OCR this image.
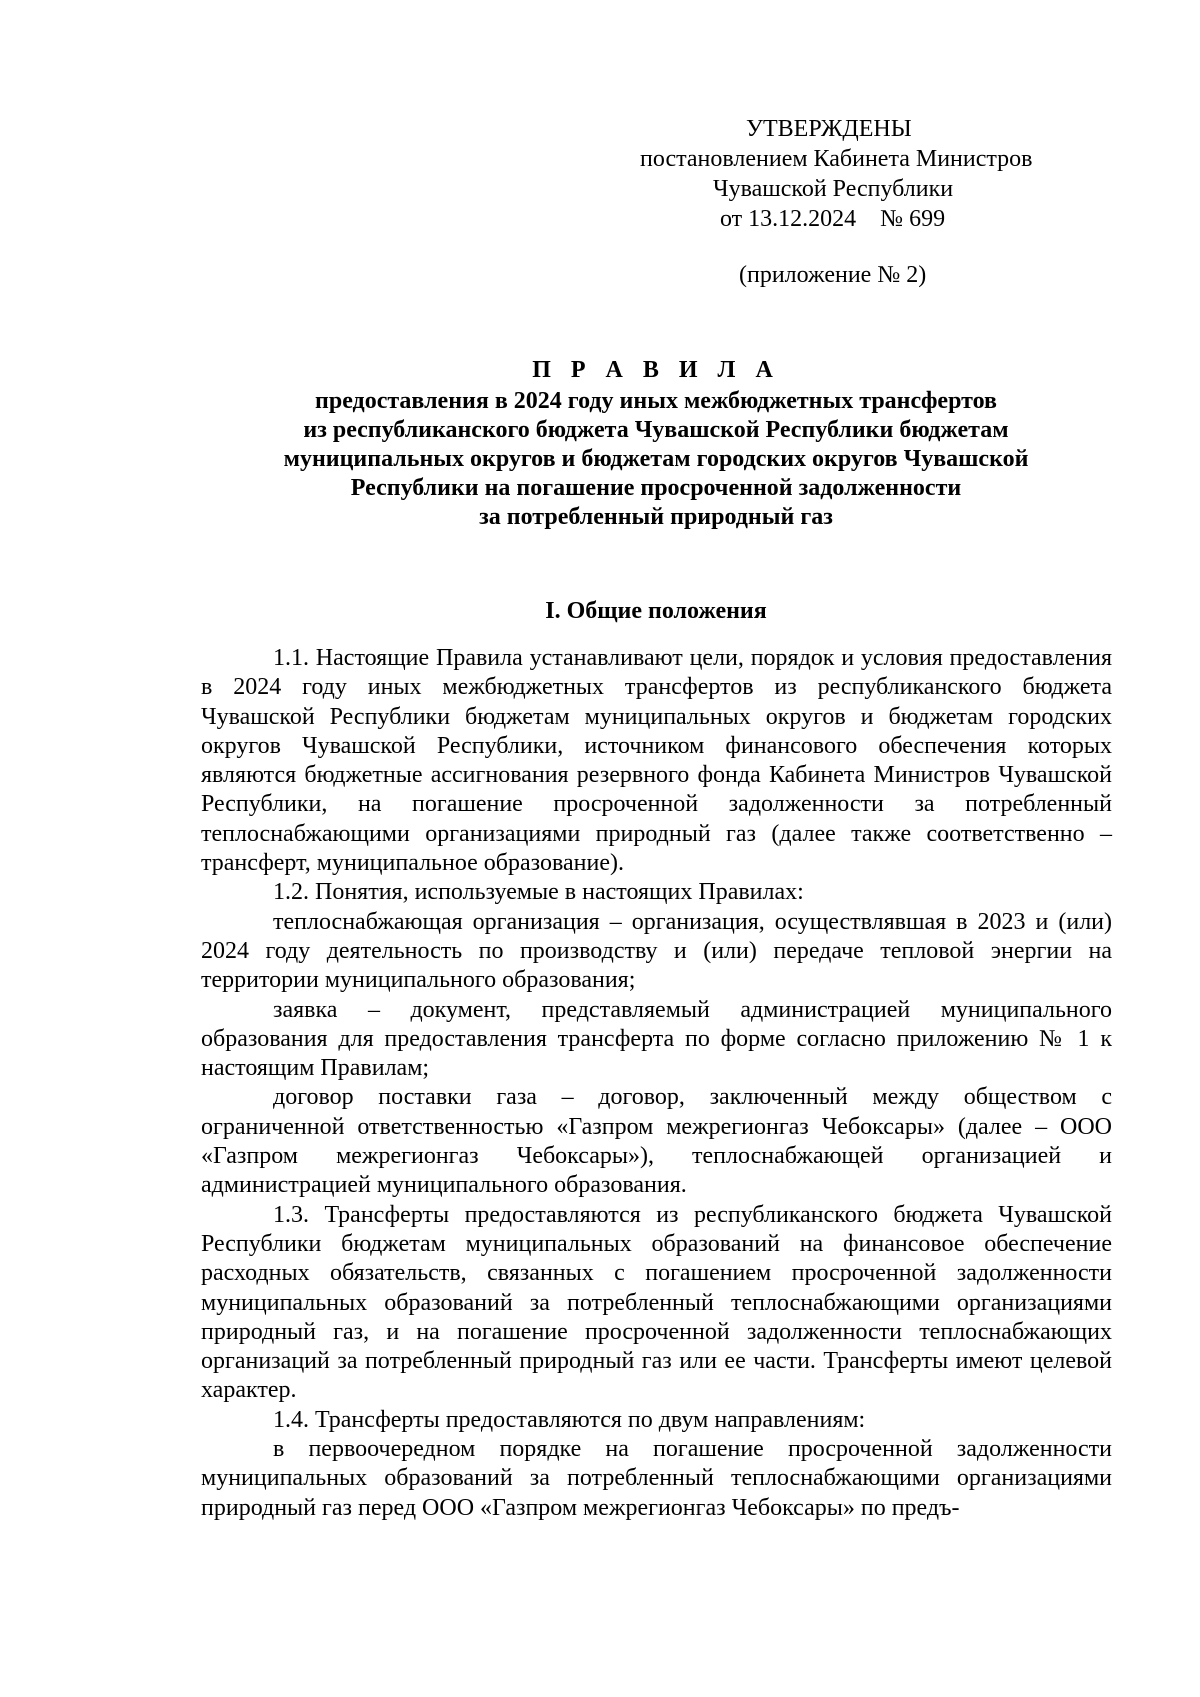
УТВЕРЖДЕНЫ
постановлением Кабинета Министров
Чувашской Республики
от 13.12.2024    № 699
(приложение № 2)
П Р А В И Л А
предоставления в 2024 году иных межбюджетных трансфертов
из республиканского бюджета Чувашской Республики бюджетам
муниципальных округов и бюджетам городских округов Чувашской
Республики на погашение просроченной задолженности
за потребленный природный газ
I. Общие положения

1.1. Настоящие Правила устанавливают цели, порядок и условия предоставления в 2024 году иных межбюджетных трансфертов из республиканского бюджета Чувашской Республики бюджетам муниципальных округов и бюджетам городских округов Чувашской Республики, источником финансового обеспечения которых являются бюджетные ассигнования резервного фонда Кабинета Министров Чувашской Республики, на погашение просроченной задолженности за потребленный теплоснабжающими организациями природный газ (далее также соответственно – трансферт, муниципальное образование).

1.2. Понятия, используемые в настоящих Правилах:

теплоснабжающая организация – организация, осуществлявшая в 2023 и (или) 2024 году деятельность по производству и (или) передаче тепловой энергии на территории муниципального образования;

заявка – документ, представляемый администрацией муниципального образования для предоставления трансферта по форме согласно приложению № 1 к настоящим Правилам;

договор поставки газа – договор, заключенный между обществом с ограниченной ответственностью «Газпром межрегионгаз Чебоксары» (далее – ООО «Газпром межрегионгаз Чебоксары»), теплоснабжающей организацией и администрацией муниципального образования.

1.3. Трансферты предоставляются из республиканского бюджета Чувашской Республики бюджетам муниципальных образований на финансовое обеспечение расходных обязательств, связанных с погашением просроченной задолженности муниципальных образований за потребленный теплоснабжающими организациями природный газ, и на погашение просроченной задолженности теплоснабжающих организаций за потребленный природный газ или ее части. Трансферты имеют целевой характер.

1.4. Трансферты предоставляются по двум направлениям:

в первоочередном порядке на погашение просроченной задолженности муниципальных образований за потребленный теплоснабжающими организациями природный газ перед ООО «Газпром межрегионгаз Чебоксары» по предъ-
